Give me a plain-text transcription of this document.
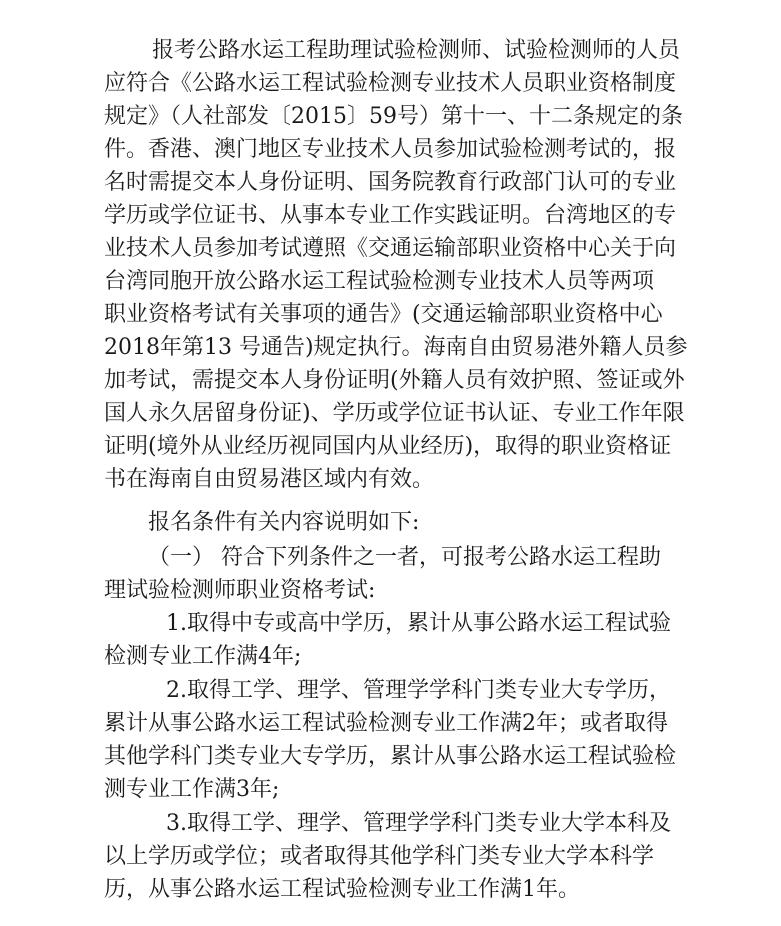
报考公路水运工程助理试验检测师、试验检测师的人员
应符合《公路水运工程试验检测专业技术人员职业资格制度
规定》（人社部发〔2015〕59号）第十一、十二条规定的条
件。香港、澳门地区专业技术人员参加试验检测考试的，报
名时需提交本人身份证明、国务院教育行政部门认可的专业
学历或学位证书、从事本专业工作实践证明。台湾地区的专
业技术人员参加考试遵照《交通运输部职业资格中心关于向
台湾同胞开放公路水运工程试验检测专业技术人员等两项
职业资格考试有关事项的通告》(交通运输部职业资格中心
2018年第13 号通告)规定执行。海南自由贸易港外籍人员参
加考试，需提交本人身份证明(外籍人员有效护照、签证或外
国人永久居留身份证)、学历或学位证书认证、专业工作年限
证明(境外从业经历视同国内从业经历)，取得的职业资格证
书在海南自由贸易港区域内有效。
报名条件有关内容说明如下:
（一） 符合下列条件之一者，可报考公路水运工程助
理试验检测师职业资格考试:
1.取得中专或高中学历，累计从事公路水运工程试验
检测专业工作满4年;
2.取得工学、理学、管理学学科门类专业大专学历，
累计从事公路水运工程试验检测专业工作满2年；或者取得
其他学科门类专业大专学历，累计从事公路水运工程试验检
测专业工作满3年;
3.取得工学、理学、管理学学科门类专业大学本科及
以上学历或学位；或者取得其他学科门类专业大学本科学
历，从事公路水运工程试验检测专业工作满1年。
